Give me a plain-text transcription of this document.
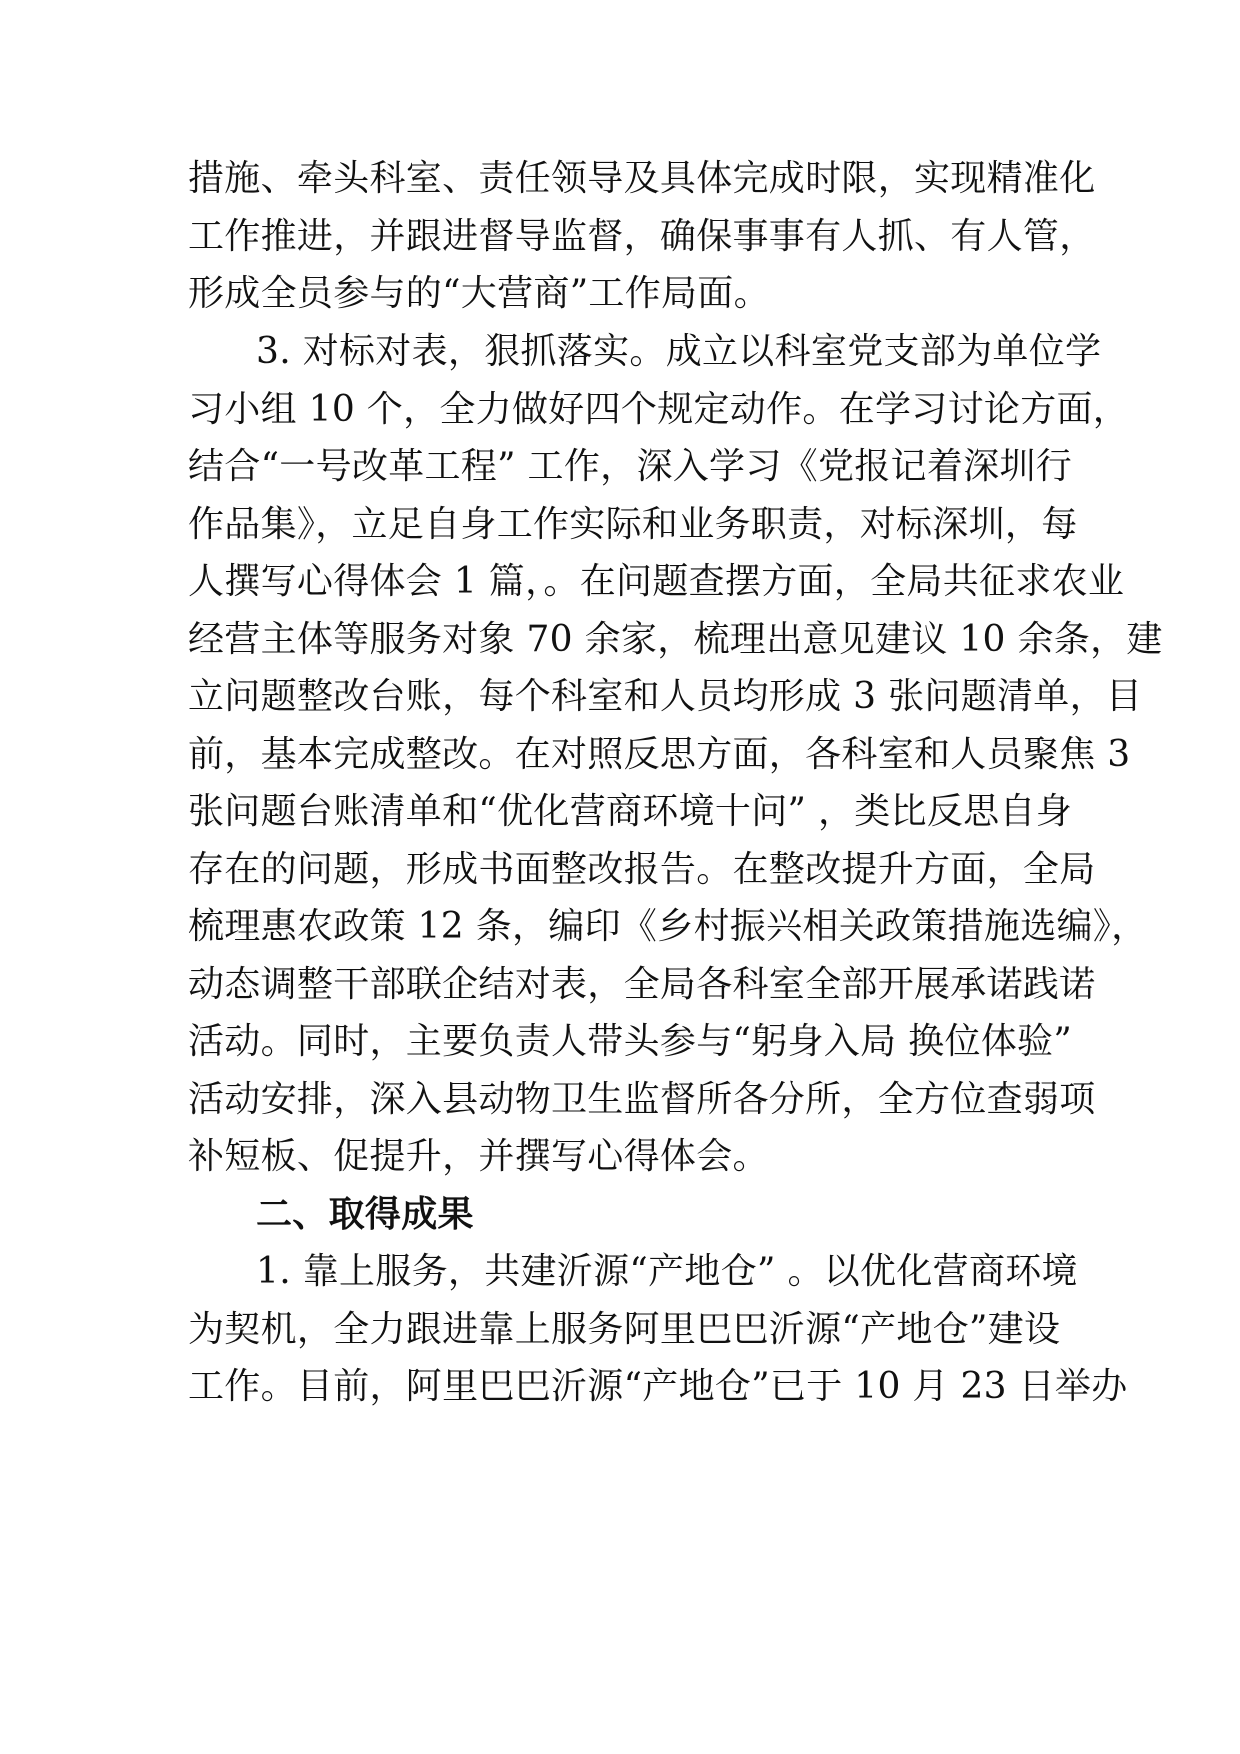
措施、牵头科室、责任领导及具体完成时限，实现精准化
工作推进，并跟进督导监督，确保事事有人抓、有人管，
形成全员参与的“大营商”工作局面。
3. 对标对表，狠抓落实。成立以科室党支部为单位学
习小组 10 个，全力做好四个规定动作。在学习讨论方面，
结合“一号改革工程” 工作，深入学习《党报记着深圳行
作品集》，立足自身工作实际和业务职责，对标深圳，每
人撰写心得体会 1 篇，。在问题查摆方面，全局共征求农业
经营主体等服务对象 70 余家，梳理出意见建议 10 余条，建
立问题整改台账，每个科室和人员均形成 3 张问题清单，目
前，基本完成整改。在对照反思方面，各科室和人员聚焦 3
张问题台账清单和“优化营商环境十问” ，类比反思自身
存在的问题，形成书面整改报告。在整改提升方面，全局
梳理惠农政策 12 条，编印《乡村振兴相关政策措施选编》，
动态调整干部联企结对表，全局各科室全部开展承诺践诺
活动。同时，主要负责人带头参与“躬身入局 换位体验”
活动安排，深入县动物卫生监督所各分所，全方位查弱项
补短板、促提升，并撰写心得体会。
二、取得成果
1. 靠上服务，共建沂源“产地仓” 。以优化营商环境
为契机，全力跟进靠上服务阿里巴巴沂源“产地仓”建设
工作。目前，阿里巴巴沂源“产地仓”已于 10 月 23 日举办
